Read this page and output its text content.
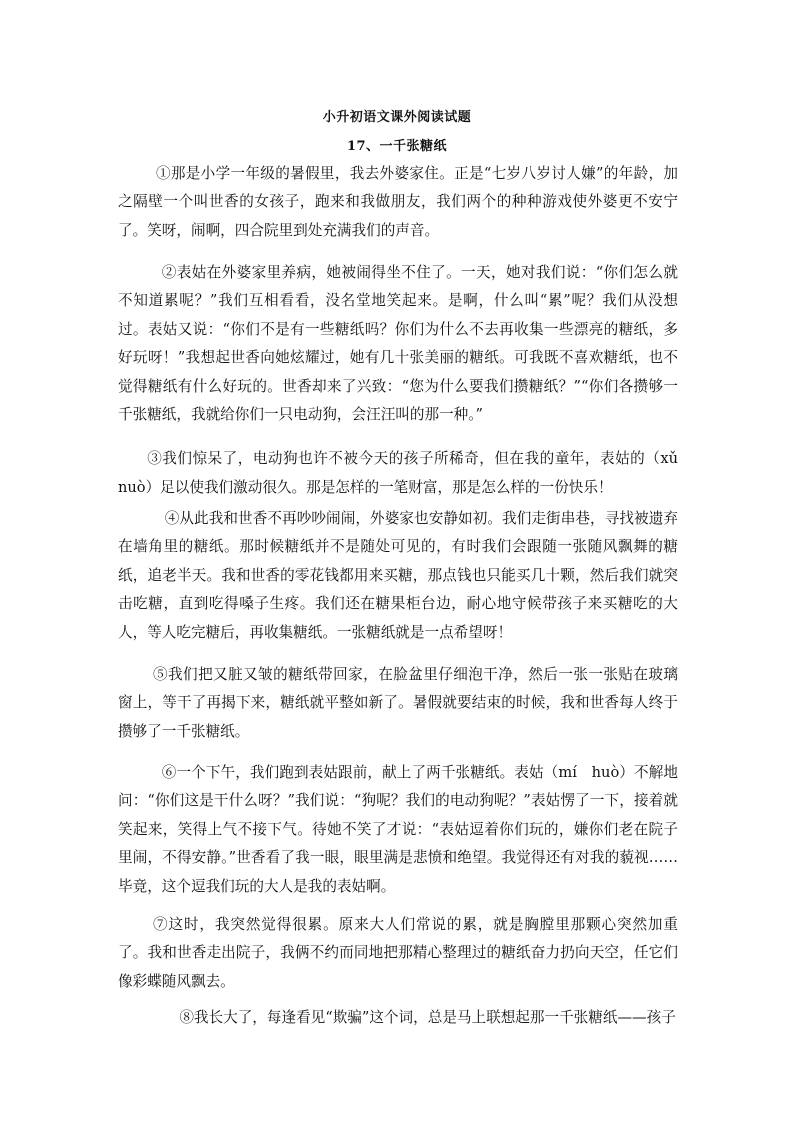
小升初语文课外阅读试题
17、一千张糖纸
①那是小学一年级的暑假里，我去外婆家住。正是“七岁八岁讨人嫌”的年龄，加之隔壁一个叫世香的女孩子，跑来和我做朋友，我们两个的种种游戏使外婆更不安宁了。笑呀，闹啊，四合院里到处充满我们的声音。
②表姑在外婆家里养病，她被闹得坐不住了。一天，她对我们说：“你们怎么就不知道累呢？”我们互相看看，没名堂地笑起来。是啊，什么叫“累”呢？我们从没想过。表姑又说：“你们不是有一些糖纸吗？你们为什么不去再收集一些漂亮的糖纸，多好玩呀！”我想起世香向她炫耀过，她有几十张美丽的糖纸。可我既不喜欢糖纸，也不觉得糖纸有什么好玩的。世香却来了兴致：“您为什么要我们攒糖纸？”“你们各攒够一千张糖纸，我就给你们一只电动狗，会汪汪叫的那一种。”
③我们惊呆了，电动狗也许不被今天的孩子所稀奇，但在我的童年，表姑的（xǔ　　nuò）足以使我们激动很久。那是怎样的一笔财富，那是怎么样的一份快乐！
④从此我和世香不再吵吵闹闹，外婆家也安静如初。我们走街串巷，寻找被遗弃在墙角里的糖纸。那时候糖纸并不是随处可见的，有时我们会跟随一张随风飘舞的糖纸，追老半天。我和世香的零花钱都用来买糖，那点钱也只能买几十颗，然后我们就突击吃糖，直到吃得嗓子生疼。我们还在糖果柜台边，耐心地守候带孩子来买糖吃的大人，等人吃完糖后，再收集糖纸。一张糖纸就是一点希望呀！
⑤我们把又脏又皱的糖纸带回家，在脸盆里仔细泡干净，然后一张一张贴在玻璃窗上，等干了再揭下来，糖纸就平整如新了。暑假就要结束的时候，我和世香每人终于攒够了一千张糖纸。
⑥一个下午，我们跑到表姑跟前，献上了两千张糖纸。表姑（mí　huò）不解地问：“你们这是干什么呀？”我们说：“狗呢？我们的电动狗呢？”表姑愣了一下，接着就笑起来，笑得上气不接下气。待她不笑了才说：“表姑逗着你们玩的，嫌你们老在院子里闹，不得安静。”世香看了我一眼，眼里满是悲愤和绝望。我觉得还有对我的藐视……毕竟，这个逗我们玩的大人是我的表姑啊。
⑦这时，我突然觉得很累。原来大人们常说的累，就是胸膛里那颗心突然加重了。我和世香走出院子，我俩不约而同地把那精心整理过的糖纸奋力扔向天空，任它们像彩蝶随风飘去。
⑧我长大了，每逢看见“欺骗”这个词，总是马上联想起那一千张糖纸——孩子
